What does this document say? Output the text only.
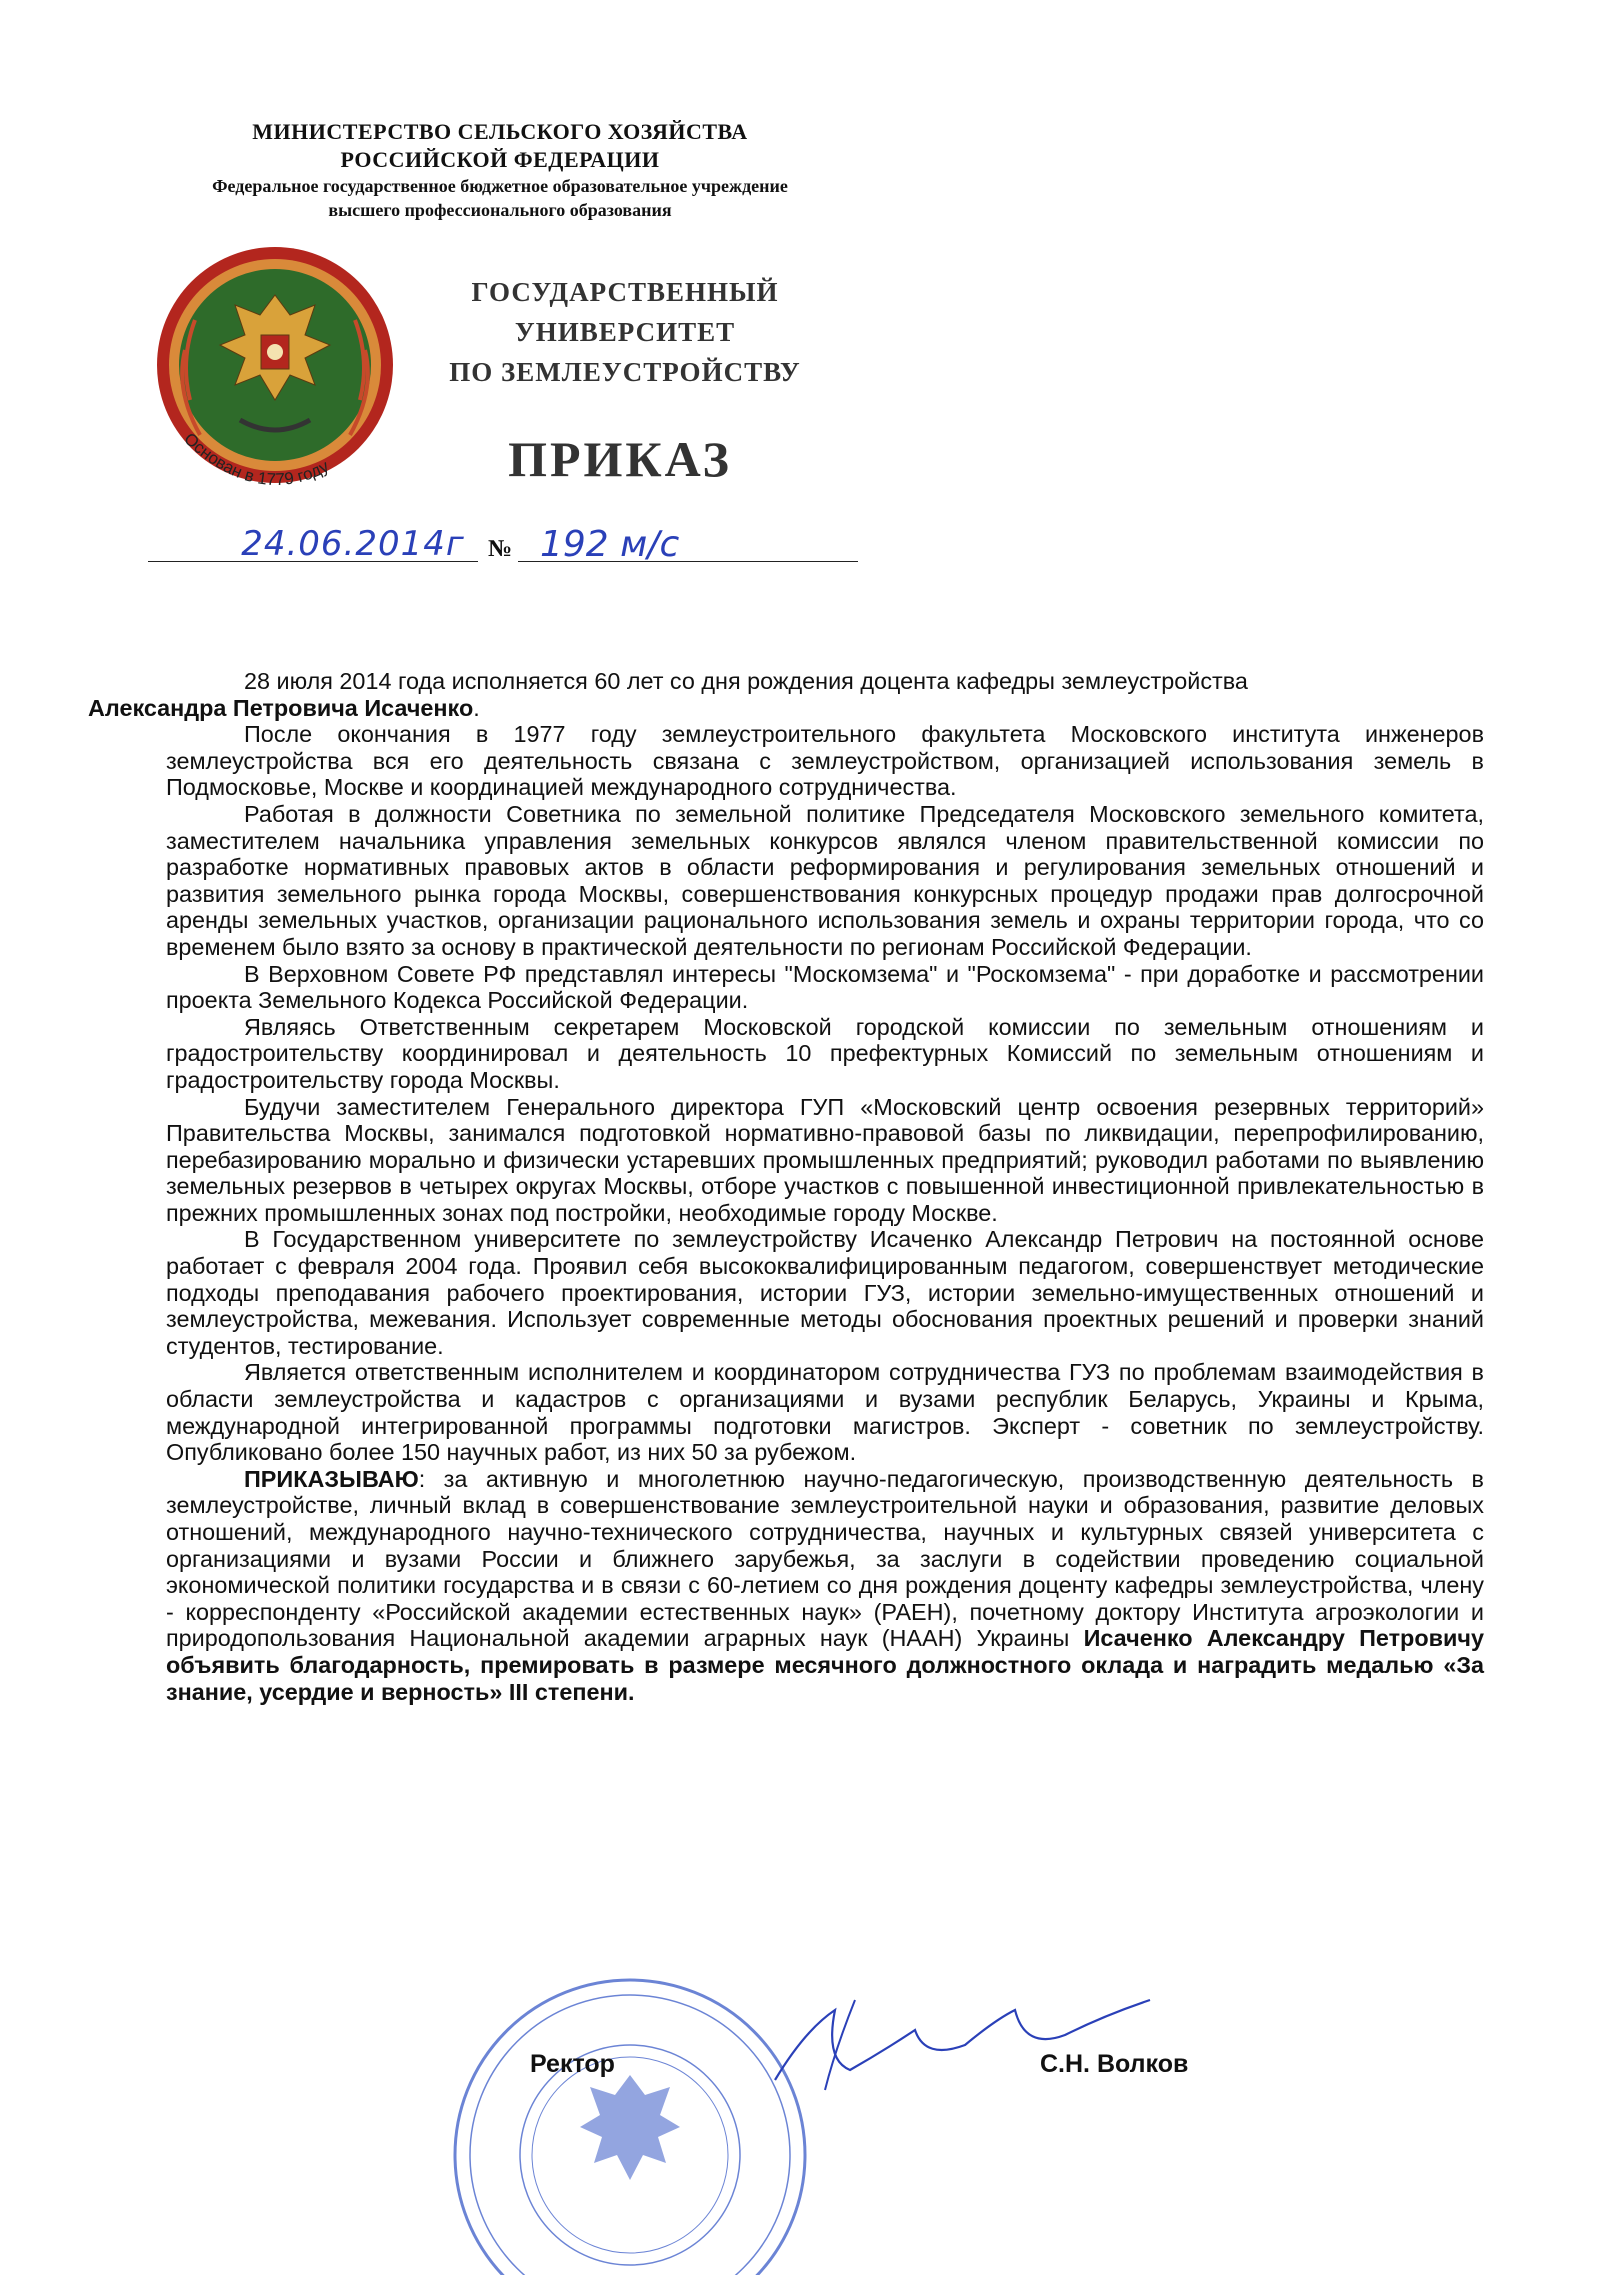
МИНИСТЕРСТВО СЕЛЬСКОГО ХОЗЯЙСТВА
РОССИЙСКОЙ ФЕДЕРАЦИИ
Федеральное государственное бюджетное образовательное учреждение
высшего профессионального образования
Основан в 1779 году
ГОСУДАРСТВЕННЫЙ
УНИВЕРСИТЕТ
ПО ЗЕМЛЕУСТРОЙСТВУ
ПРИКАЗ
24.06.2014г № 192 м/с

28 июля 2014 года исполняется 60 лет со дня рождения доцента кафедры землеустройства
Александра Петровича Исаченко.

После окончания в 1977 году землеустроительного факультета Московского института инженеров землеустройства вся его деятельность связана с землеустройством, организацией использования земель в Подмосковье, Москве и координацией международного сотрудничества.

Работая в должности Советника по земельной политике Председателя Московского земельного комитета, заместителем начальника управления земельных конкурсов являлся членом правительственной комиссии по разработке нормативных правовых актов в области реформирования и регулирования земельных отношений и развития земельного рынка города Москвы, совершенствования конкурсных процедур продажи прав долгосрочной аренды земельных участков, организации рационального использования земель и охраны территории города, что со временем было взято за основу в практической деятельности по регионам Российской Федерации.

В Верховном Совете РФ представлял интересы "Москомзема" и "Роскомзема" - при доработке и рассмотрении проекта Земельного Кодекса Российской Федерации.

Являясь Ответственным секретарем Московской городской комиссии по земельным отношениям и градостроительству координировал и деятельность 10 префектурных Комиссий по земельным отношениям и градостроительству города Москвы.

Будучи заместителем Генерального директора ГУП «Московский центр освоения резервных территорий» Правительства Москвы, занимался подготовкой нормативно-правовой базы по ликвидации, перепрофилированию, перебазированию морально и физически устаревших промышленных предприятий; руководил работами по выявлению земельных резервов в четырех округах Москвы, отборе участков с повышенной инвестиционной привлекательностью в прежних промышленных зонах под постройки, необходимые городу Москве.

В Государственном университете по землеустройству Исаченко Александр Петрович на постоянной основе работает с февраля 2004 года. Проявил себя высококвалифицированным педагогом, совершенствует методические подходы преподавания рабочего проектирования, истории ГУЗ, истории земельно-имущественных отношений и землеустройства, межевания. Использует современные методы обоснования проектных решений и проверки знаний студентов, тестирование.

Является ответственным исполнителем и координатором сотрудничества ГУЗ по проблемам взаимодействия в области землеустройства и кадастров с организациями и вузами республик Беларусь, Украины и Крыма, международной интегрированной программы подготовки магистров. Эксперт - советник по землеустройству. Опубликовано более 150 научных работ, из них 50 за рубежом.

ПРИКАЗЫВАЮ: за активную и многолетнюю научно-педагогическую, производственную деятельность в землеустройстве, личный вклад в совершенствование землеустроительной науки и образования, развитие деловых отношений, международного научно-технического сотрудничества, научных и культурных связей университета с организациями и вузами России и ближнего зарубежья, за заслуги в содействии проведению социальной экономической политики государства и в связи с 60-летием со дня рождения доценту кафедры землеустройства, члену - корреспонденту «Российской академии естественных наук» (РАЕН), почетному доктору Института агроэкологии и природопользования Национальной академии аграрных наук (НААН) Украины Исаченко Александру Петровичу объявить благодарность, премировать в размере месячного должностного оклада и наградить медалью «За знание, усердие и верность» III степени.

Ректор	С.Н. Волков
